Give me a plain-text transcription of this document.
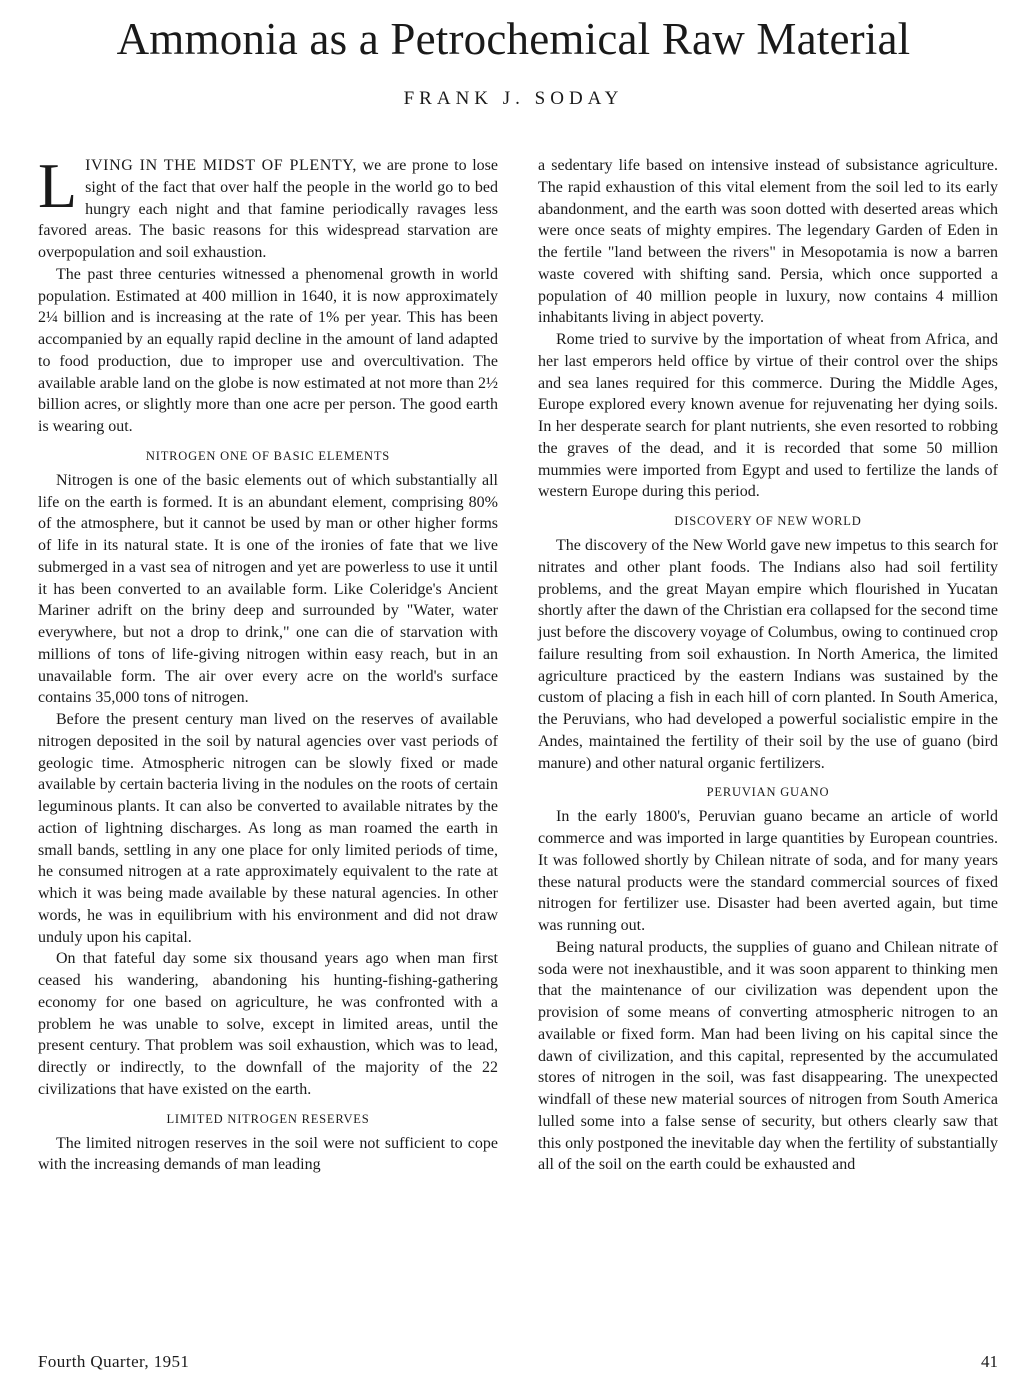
Ammonia as a Petrochemical Raw Material
FRANK J. SODAY

LIVING IN THE MIDST OF PLENTY, we are prone to lose sight of the fact that over half the people in the world go to bed hungry each night and that famine periodically ravages less favored areas. The basic reasons for this widespread starvation are overpopulation and soil exhaustion.

The past three centuries witnessed a phenomenal growth in world population. Estimated at 400 million in 1640, it is now approximately 2¼ billion and is increasing at the rate of 1% per year. This has been accompanied by an equally rapid decline in the amount of land adapted to food production, due to improper use and overcultivation. The available arable land on the globe is now estimated at not more than 2½ billion acres, or slightly more than one acre per person. The good earth is wearing out.

NITROGEN ONE OF BASIC ELEMENTS

Nitrogen is one of the basic elements out of which substantially all life on the earth is formed. It is an abundant element, comprising 80% of the atmosphere, but it cannot be used by man or other higher forms of life in its natural state. It is one of the ironies of fate that we live submerged in a vast sea of nitrogen and yet are powerless to use it until it has been converted to an available form. Like Coleridge's Ancient Mariner adrift on the briny deep and surrounded by "Water, water everywhere, but not a drop to drink," one can die of starvation with millions of tons of life-giving nitrogen within easy reach, but in an unavailable form. The air over every acre on the world's surface contains 35,000 tons of nitrogen.

Before the present century man lived on the reserves of available nitrogen deposited in the soil by natural agencies over vast periods of geologic time. Atmospheric nitrogen can be slowly fixed or made available by certain bacteria living in the nodules on the roots of certain leguminous plants. It can also be converted to available nitrates by the action of lightning discharges. As long as man roamed the earth in small bands, settling in any one place for only limited periods of time, he consumed nitrogen at a rate approximately equivalent to the rate at which it was being made available by these natural agencies. In other words, he was in equilibrium with his environment and did not draw unduly upon his capital.

On that fateful day some six thousand years ago when man first ceased his wandering, abandoning his hunting-fishing-gathering economy for one based on agriculture, he was confronted with a problem he was unable to solve, except in limited areas, until the present century. That problem was soil exhaustion, which was to lead, directly or indirectly, to the downfall of the majority of the 22 civilizations that have existed on the earth.

LIMITED NITROGEN RESERVES

The limited nitrogen reserves in the soil were not sufficient to cope with the increasing demands of man leading

a sedentary life based on intensive instead of subsistance agriculture. The rapid exhaustion of this vital element from the soil led to its early abandonment, and the earth was soon dotted with deserted areas which were once seats of mighty empires. The legendary Garden of Eden in the fertile "land between the rivers" in Mesopotamia is now a barren waste covered with shifting sand. Persia, which once supported a population of 40 million people in luxury, now contains 4 million inhabitants living in abject poverty.

Rome tried to survive by the importation of wheat from Africa, and her last emperors held office by virtue of their control over the ships and sea lanes required for this commerce. During the Middle Ages, Europe explored every known avenue for rejuvenating her dying soils. In her desperate search for plant nutrients, she even resorted to robbing the graves of the dead, and it is recorded that some 50 million mummies were imported from Egypt and used to fertilize the lands of western Europe during this period.

DISCOVERY OF NEW WORLD

The discovery of the New World gave new impetus to this search for nitrates and other plant foods. The Indians also had soil fertility problems, and the great Mayan empire which flourished in Yucatan shortly after the dawn of the Christian era collapsed for the second time just before the discovery voyage of Columbus, owing to continued crop failure resulting from soil exhaustion. In North America, the limited agriculture practiced by the eastern Indians was sustained by the custom of placing a fish in each hill of corn planted. In South America, the Peruvians, who had developed a powerful socialistic empire in the Andes, maintained the fertility of their soil by the use of guano (bird manure) and other natural organic fertilizers.

PERUVIAN GUANO

In the early 1800's, Peruvian guano became an article of world commerce and was imported in large quantities by European countries. It was followed shortly by Chilean nitrate of soda, and for many years these natural products were the standard commercial sources of fixed nitrogen for fertilizer use. Disaster had been averted again, but time was running out.

Being natural products, the supplies of guano and Chilean nitrate of soda were not inexhaustible, and it was soon apparent to thinking men that the maintenance of our civilization was dependent upon the provision of some means of converting atmospheric nitrogen to an available or fixed form. Man had been living on his capital since the dawn of civilization, and this capital, represented by the accumulated stores of nitrogen in the soil, was fast disappearing. The unexpected windfall of these new material sources of nitrogen from South America lulled some into a false sense of security, but others clearly saw that this only postponed the inevitable day when the fertility of substantially all of the soil on the earth could be exhausted and

Fourth Quarter, 1951	41
